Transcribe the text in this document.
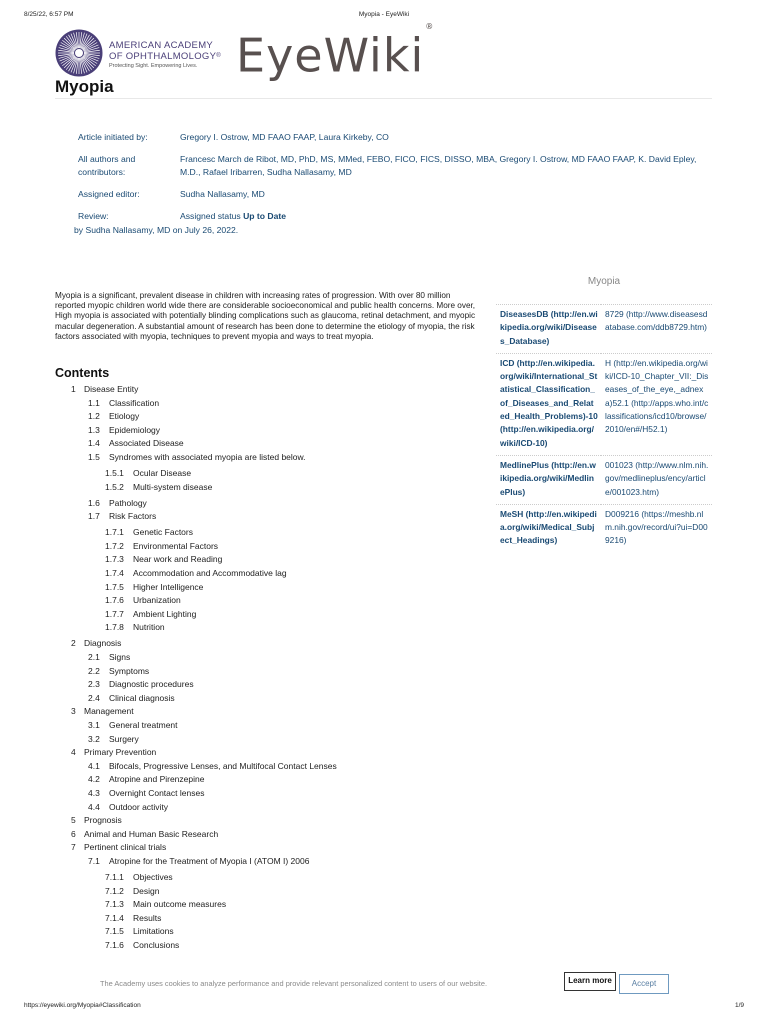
8/25/22, 6:57 PM	Myopia - EyeWiki
AMERICAN ACADEMY
OF OPHTHALMOLOGY®
Protecting Sight. Empowering Lives. EyeWiki®
Myopia
Article initiated by:	Gregory I. Ostrow, MD FAAO FAAP, Laura Kirkeby, CO
All authors and contributors:
Francesc March de Ribot, MD, PhD, MS, MMed, FEBO, FICO, FICS, DISSO, MBA, Gregory I. Ostrow, MD FAAO FAAP, K. David Epley, M.D., Rafael Iribarren, Sudha Nallasamy, MD
Assigned editor:	Sudha Nallasamy, MD
Review:	Assigned status Up to Date
by Sudha Nallasamy, MD on July 26, 2022.
Myopia is a significant, prevalent disease in children with increasing rates of progression. With over 80 million reported myopic children world wide there are considerable socioeconomical and public health concerns. More over, High myopia is associated with potentially blinding complications such as glaucoma, retinal detachment, and myopic macular degeneration. A substantial amount of research has been done to determine the etiology of myopia, the risk factors associated with myopia, techniques to prevent myopia and ways to treat myopia.
Contents
1 Disease Entity
1.1 Classification
1.2 Etiology
1.3 Epidemiology
1.4 Associated Disease
1.5 Syndromes with associated myopia are listed below.
1.5.1 Ocular Disease
1.5.2 Multi-system disease
1.6 Pathology
1.7 Risk Factors
1.7.1 Genetic Factors
1.7.2 Environmental Factors
1.7.3 Near work and Reading
1.7.4 Accommodation and Accommodative lag
1.7.5 Higher Intelligence
1.7.6 Urbanization
1.7.7 Ambient Lighting
1.7.8 Nutrition
2 Diagnosis
2.1 Signs
2.2 Symptoms
2.3 Diagnostic procedures
2.4 Clinical diagnosis
3 Management
3.1 General treatment
3.2 Surgery
4 Primary Prevention
4.1 Bifocals, Progressive Lenses, and Multifocal Contact Lenses
4.2 Atropine and Pirenzepine
4.3 Overnight Contact lenses
4.4 Outdoor activity
5 Prognosis
6 Animal and Human Basic Research
7 Pertinent clinical trials
7.1 Atropine for the Treatment of Myopia I (ATOM I) 2006
7.1.1 Objectives
7.1.2 Design
7.1.3 Main outcome measures
7.1.4 Results
7.1.5 Limitations
7.1.6 Conclusions
Myopia
DiseasesDB (http://en.wikipedia.org/wiki/Diseases_Database)	8729 (http://www.diseasesdatabase.com/ddb8729.htm)
ICD (http://en.wikipedia.org/wiki/International_Statistical_Classification_of_Diseases_and_Related_Health_Problems)-10 (http://en.wikipedia.org/wiki/ICD-10)	H (http://en.wikipedia.org/wiki/ICD-10_Chapter_VII:_Diseases_of_the_eye,_adnexa)52.1 (http://apps.who.int/classifications/icd10/browse/2010/en#/H52.1)
MedlinePlus (http://en.wikipedia.org/wiki/MedlinePlus)	001023 (http://www.nlm.nih.gov/medlineplus/ency/article/001023.htm)
MeSH (http://en.wikipedia.org/wiki/Medical_Subject_Headings)	D009216 (https://meshb.nlm.nih.gov/record/ui?ui=D009216)
The Academy uses cookies to analyze performance and provide relevant personalized content to users of our website.	Learn more	Accept
https://eyewiki.org/Myopia#Classification	1/9
